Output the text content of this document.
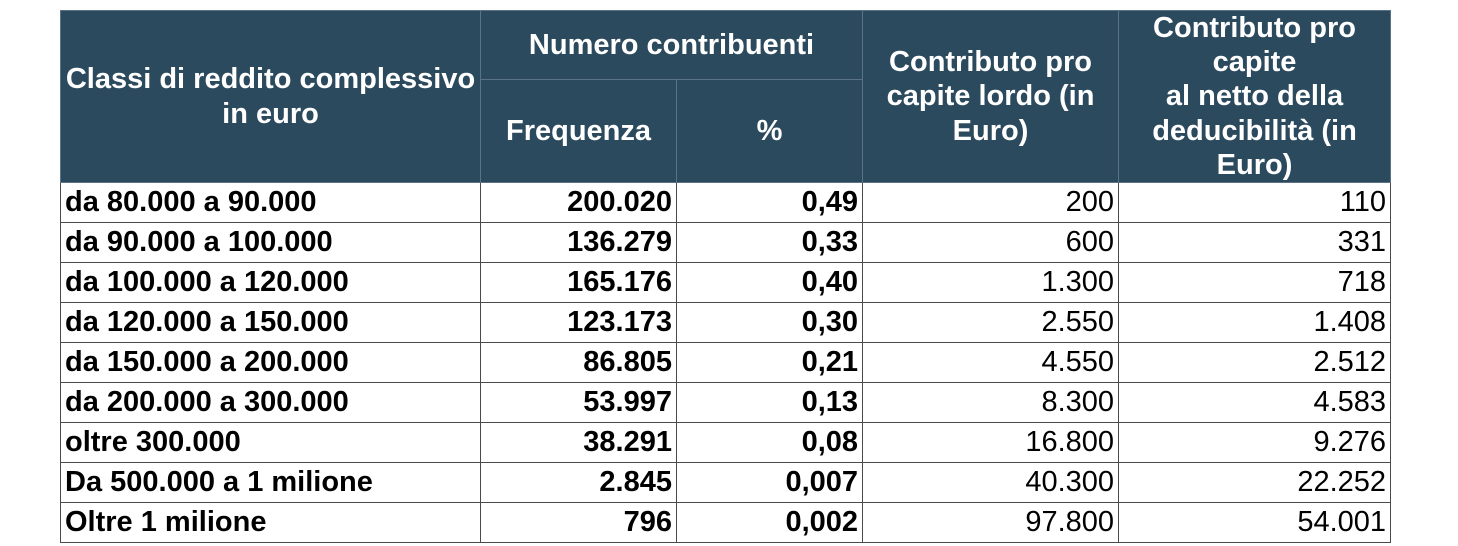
Classi di reddito complessivo in euro	Numero contribuenti		Contributo pro capite lordo (in Euro)	Contributo pro capite
al netto della deducibilità (in Euro)

	Frequenza	%		
da 80.000 a 90.000	200.020	0,49	200	110
da 90.000 a 100.000	136.279	0,33	600	331
da 100.000 a 120.000	165.176	0,40	1.300	718
da 120.000 a 150.000	123.173	0,30	2.550	1.408
da 150.000 a 200.000	86.805	0,21	4.550	2.512
da 200.000 a 300.000	53.997	0,13	8.300	4.583
oltre 300.000	38.291	0,08	16.800	9.276
Da 500.000 a 1 milione	2.845	0,007	40.300	22.252
Oltre 1 milione	796	0,002	97.800	54.001
